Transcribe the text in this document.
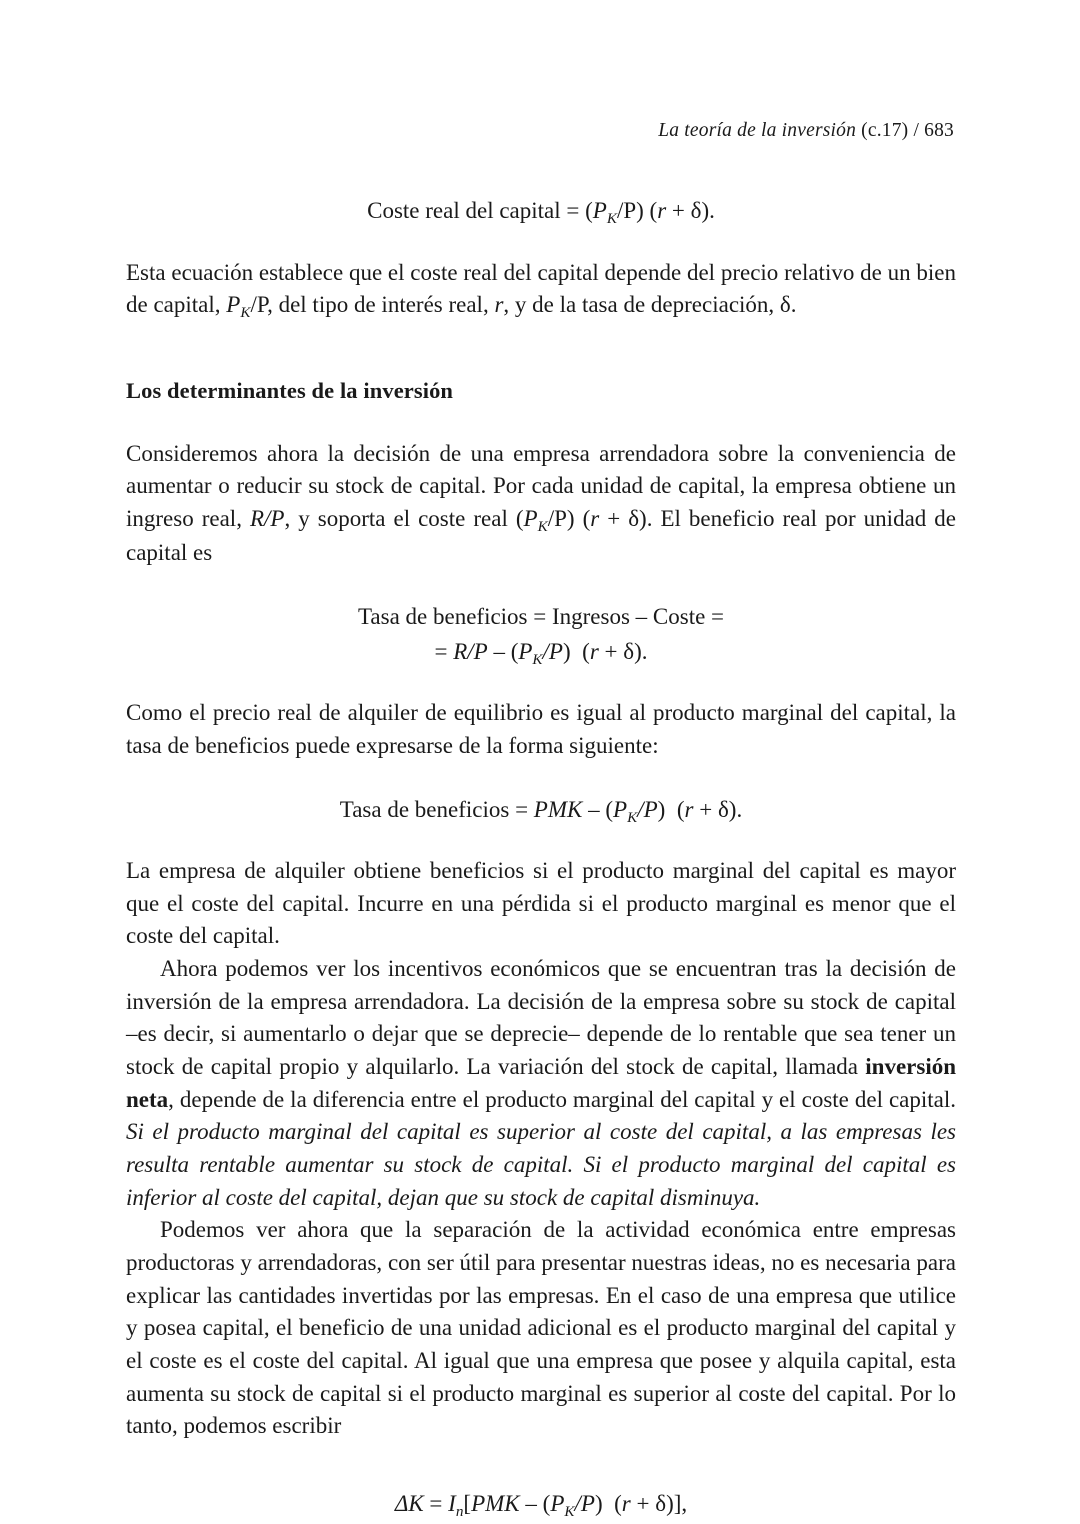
La teoría de la inversión (c.17) / 683
Coste real del capital = $(P_K/P) (r + \delta)$.

Esta ecuación establece que el coste real del capital depende del precio relativo de un bien de capital, $P_K/P$, del tipo de interés real, r, y de la tasa de depreciación, δ.

Los determinantes de la inversión

Consideremos ahora la decisión de una empresa arrendadora sobre la conveniencia de aumentar o reducir su stock de capital. Por cada unidad de capital, la empresa obtiene un ingreso real, R/P, y soporta el coste real $(P_K/P) (r + \delta)$. El beneficio real por unidad de capital es

Tasa de beneficios = Ingresos – Coste =
= $R/P - (P_K/P) (r + \delta)$.

Como el precio real de alquiler de equilibrio es igual al producto marginal del capital, la tasa de beneficios puede expresarse de la forma siguiente:

Tasa de beneficios = PMK – $(P_K/P) (r + \delta)$.

La empresa de alquiler obtiene beneficios si el producto marginal del capital es mayor que el coste del capital. Incurre en una pérdida si el producto marginal es menor que el coste del capital.

Ahora podemos ver los incentivos económicos que se encuentran tras la decisión de inversión de la empresa arrendadora. La decisión de la empresa sobre su stock de capital –es decir, si aumentarlo o dejar que se deprecie– depende de lo rentable que sea tener un stock de capital propio y alquilarlo. La variación del stock de capital, llamada inversión neta, depende de la diferencia entre el producto marginal del capital y el coste del capital. Si el producto marginal del capital es superior al coste del capital, a las empresas les resulta rentable aumentar su stock de capital. Si el producto marginal del capital es inferior al coste del capital, dejan que su stock de capital disminuya.

Podemos ver ahora que la separación de la actividad económica entre empresas productoras y arrendadoras, con ser útil para presentar nuestras ideas, no es necesaria para explicar las cantidades invertidas por las empresas. En el caso de una empresa que utilice y posea capital, el beneficio de una unidad adicional es el producto marginal del capital y el coste es el coste del capital. Al igual que una empresa que posee y alquila capital, esta aumenta su stock de capital si el producto marginal es superior al coste del capital. Por lo tanto, podemos escribir

$\Delta K = I_n[PMK - (P_K/P) (r + \delta)]$,
